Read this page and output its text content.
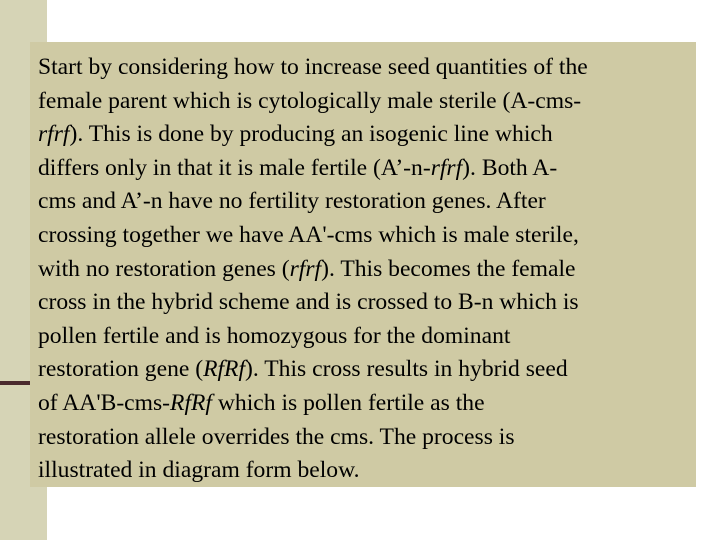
Start by considering how to increase seed quantities of the
female parent which is cytologically male sterile (A-cms-
rfrf). This is done by producing an isogenic line which
differs only in that it is male fertile (A’-n-rfrf). Both A-
cms and A’-n have no fertility restoration genes. After
crossing together we have AA'-cms which is male sterile,
with no restoration genes (rfrf). This becomes the female
cross in the hybrid scheme and is crossed to B-n which is
pollen fertile and is homozygous for the dominant
restoration gene (RfRf). This cross results in hybrid seed
of AA'B-cms-RfRf which is pollen fertile as the
restoration allele overrides the cms. The process is
illustrated in diagram form below.
